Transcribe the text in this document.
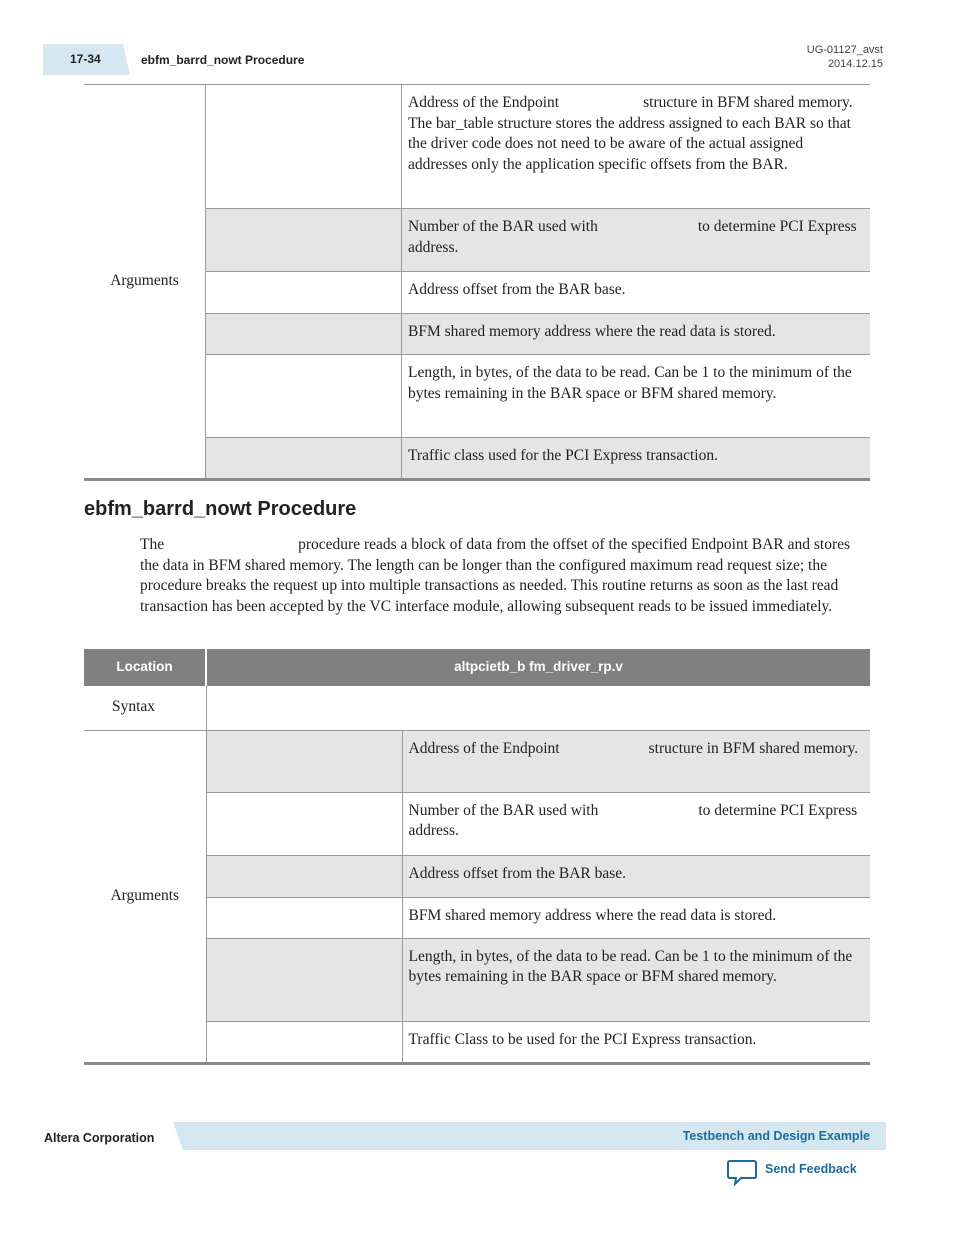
17-34	ebfm_barrd_nowt Procedure
UG-01127_avst
2014.12.15
Arguments		Address of the Endpoint structure in BFM shared memory. The bar_table structure stores the address assigned to each BAR so that the driver code does not need to be aware of the actual assigned addresses only the application specific offsets from the BAR.
		Number of the BAR used with to determine PCI Express address.
		Address offset from the BAR base.
		BFM shared memory address where the read data is stored.
		Length, in bytes, of the data to be read. Can be 1 to the minimum of the bytes remaining in the BAR space or BFM shared memory.
		Traffic class used for the PCI Express transaction.
ebfm_barrd_nowt Procedure
The	procedure reads a block of data from the offset of the specified Endpoint BAR and stores the data in BFM shared memory. The length can be longer than the configured maximum read request size; the procedure breaks the request up into multiple transactions as needed. This routine returns as soon as the last read transaction has been accepted by the VC interface module, allowing subsequent reads to be issued immediately.
Location	altpcietb_b fm_driver_rp.v	
Syntax		
Arguments		Address of the Endpoint structure in BFM shared memory.
		Number of the BAR used with to determine PCI Express address.
		Address offset from the BAR base.
		BFM shared memory address where the read data is stored.
		Length, in bytes, of the data to be read. Can be 1 to the minimum of the bytes remaining in the BAR space or BFM shared memory.
		Traffic Class to be used for the PCI Express transaction.
Altera Corporation	Testbench and Design Example
Send Feedback
